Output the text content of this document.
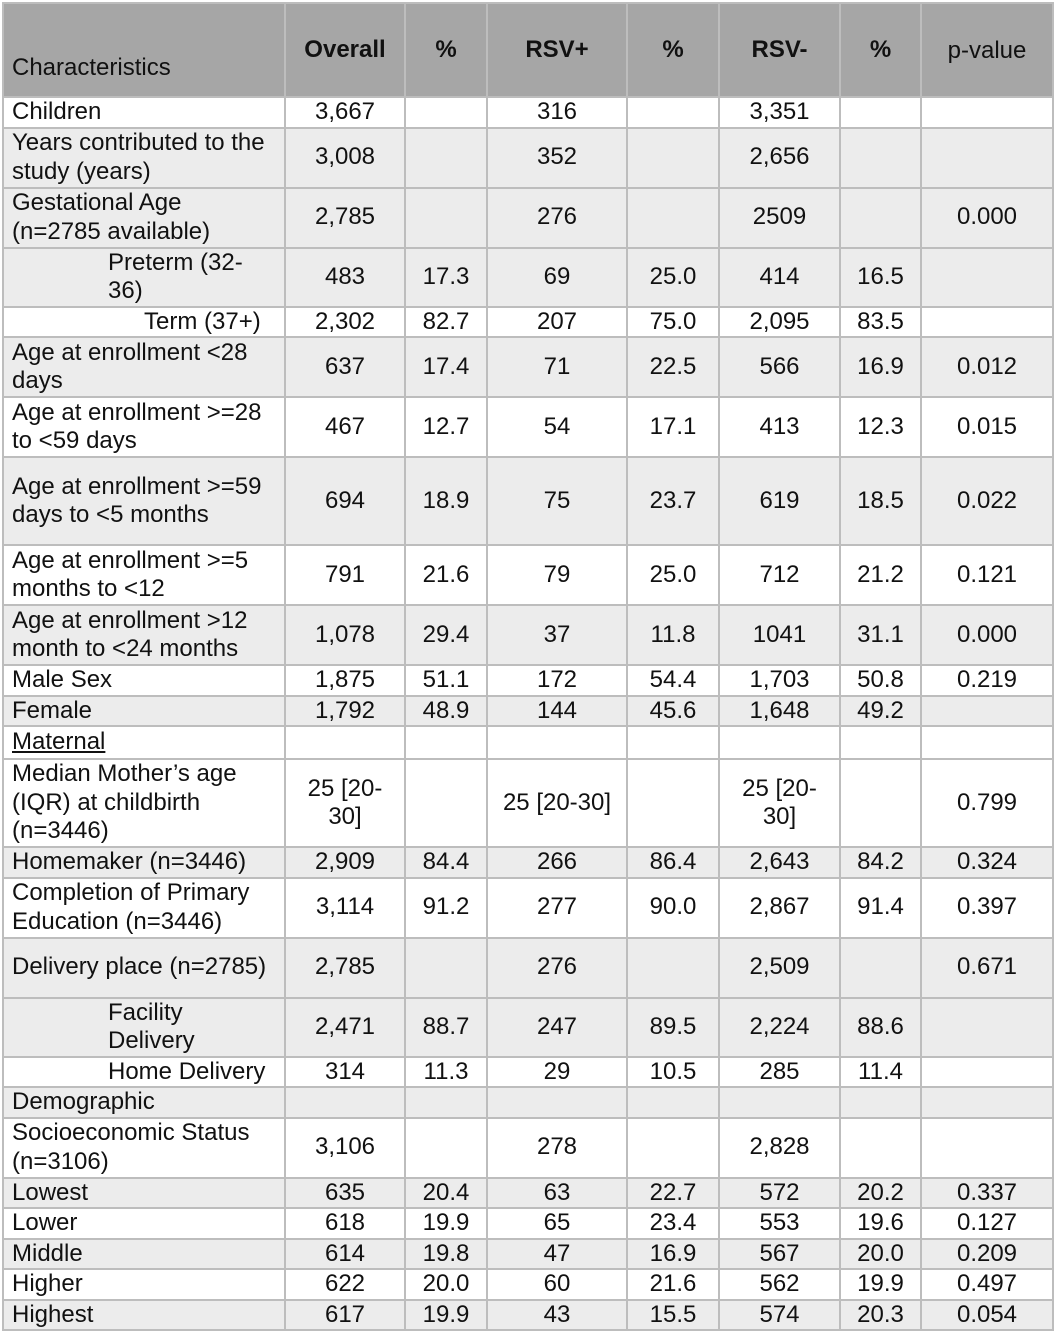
Characteristics	Overall	%	RSV+	%	RSV-	%	p-value
Children	3,667		316		3,351		
Years contributed to the study (years)	3,008		352		2,656		
Gestational Age (n=2785 available)	2,785		276		2509		0.000
Preterm (32-36)	483	17.3	69	25.0	414	16.5	
Term (37+)	2,302	82.7	207	75.0	2,095	83.5	
Age at enrollment <28 days	637	17.4	71	22.5	566	16.9	0.012
Age at enrollment >=28 to <59 days	467	12.7	54	17.1	413	12.3	0.015
Age at enrollment >=59 days to <5 months	694	18.9	75	23.7	619	18.5	0.022
Age at enrollment >=5 months to <12	791	21.6	79	25.0	712	21.2	0.121
Age at enrollment >12 month to <24 months	1,078	29.4	37	11.8	1041	31.1	0.000
Male Sex	1,875	51.1	172	54.4	1,703	50.8	0.219
Female	1,792	48.9	144	45.6	1,648	49.2	
Maternal							
Median Mother’s age (IQR) at childbirth (n=3446)	25 [20-30]		25 [20-30]		25 [20-30]		0.799
Homemaker (n=3446)	2,909	84.4	266	86.4	2,643	84.2	0.324
Completion of Primary Education (n=3446)	3,114	91.2	277	90.0	2,867	91.4	0.397
Delivery place (n=2785)	2,785		276		2,509		0.671
Facility Delivery	2,471	88.7	247	89.5	2,224	88.6	
Home Delivery	314	11.3	29	10.5	285	11.4	
Demographic							
Socioeconomic Status (n=3106)	3,106		278		2,828		
Lowest	635	20.4	63	22.7	572	20.2	0.337
Lower	618	19.9	65	23.4	553	19.6	0.127
Middle	614	19.8	47	16.9	567	20.0	0.209
Higher	622	20.0	60	21.6	562	19.9	0.497
Highest	617	19.9	43	15.5	574	20.3	0.054
